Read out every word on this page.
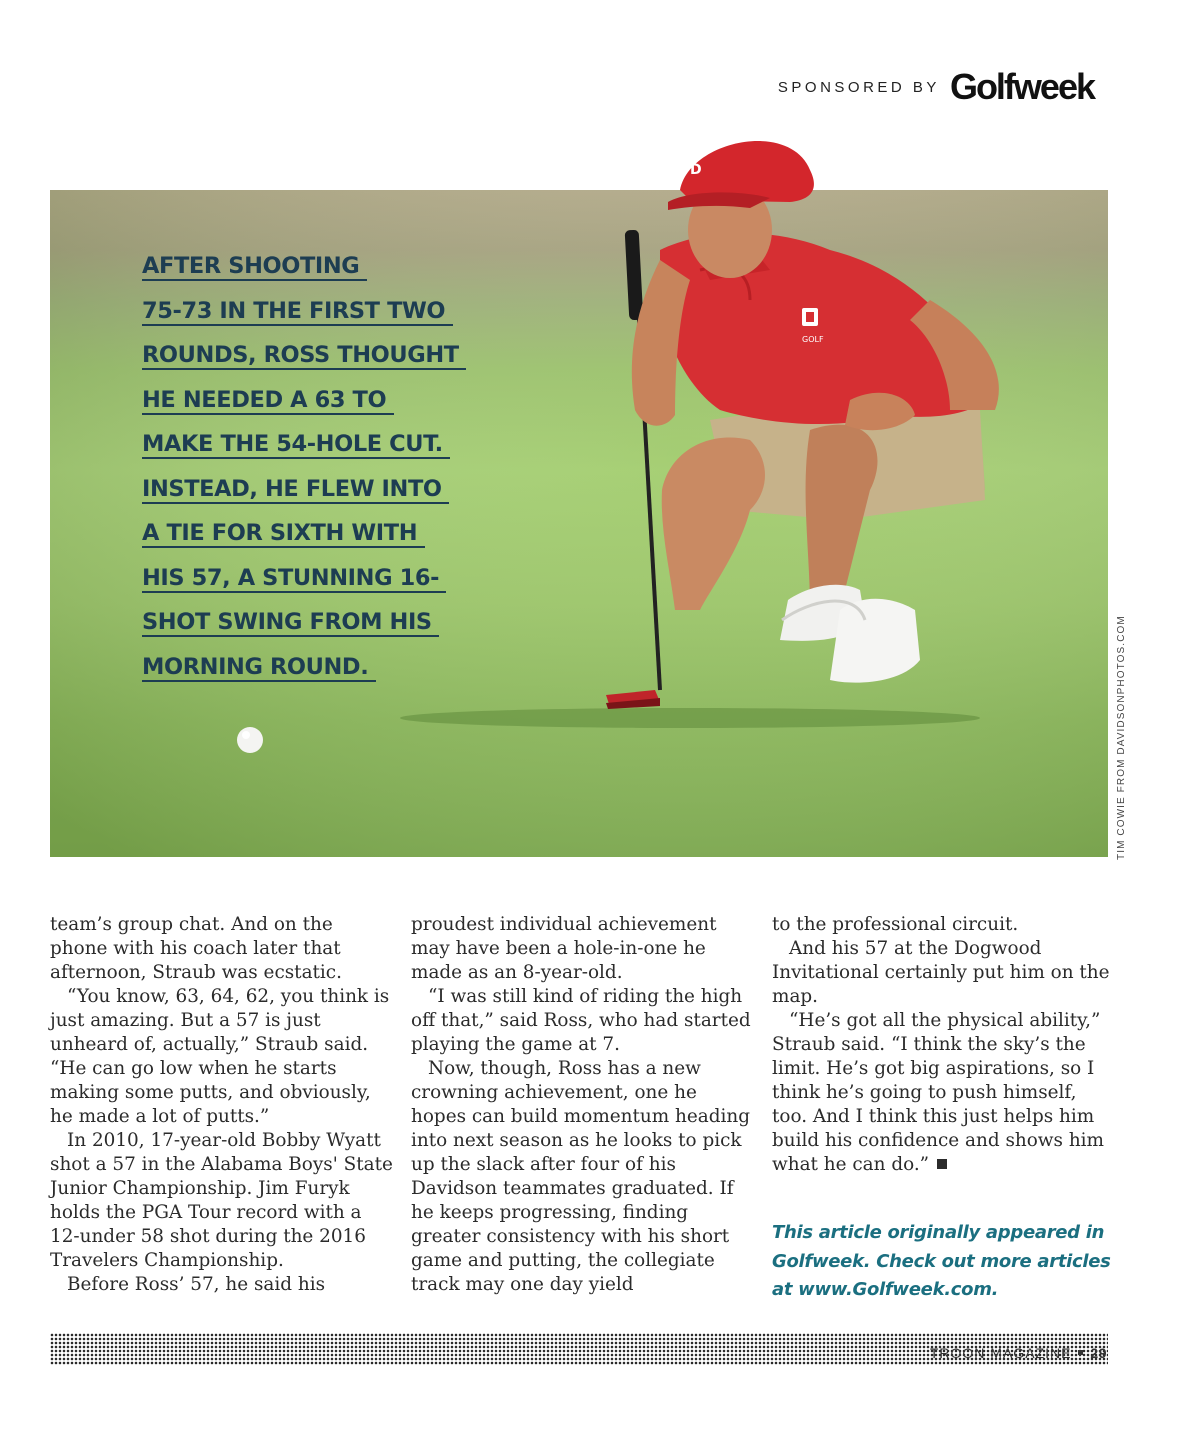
SPONSORED BY Golfweek
GOLF
D
AFTER SHOOTING
75-73 IN THE FIRST TWO
ROUNDS, ROSS THOUGHT
HE NEEDED A 63 TO
MAKE THE 54-HOLE CUT.
INSTEAD, HE FLEW INTO
A TIE FOR SIXTH WITH
HIS 57, A STUNNING 16-
SHOT SWING FROM HIS
MORNING ROUND.	TIM COWIE FROM DAVIDSONPHOTOS.COM

team’s group chat. And on the phone with his coach later that afternoon, Straub was ecstatic.

“You know, 63, 64, 62, you think is just amazing. But a 57 is just unheard of, actually,” Straub said. “He can go low when he starts making some putts, and obviously, he made a lot of putts.”

In 2010, 17-year-old Bobby Wyatt shot a 57 in the Alabama Boys' State Junior Championship. Jim Furyk holds the PGA Tour record with a 12-under 58 shot during the 2016 Travelers Championship.

Before Ross’ 57, he said his

proudest individual achievement may have been a hole-in-one he made as an 8-year-old.

“I was still kind of riding the high off that,” said Ross, who had started playing the game at 7.

Now, though, Ross has a new crowning achievement, one he hopes can build momentum heading into next season as he looks to pick up the slack after four of his Davidson teammates graduated. If he keeps progressing, finding greater consistency with his short game and putting, the collegiate track may one day yield

to the professional circuit.

And his 57 at the Dogwood Invitational certainly put him on the map.

“He’s got all the physical ability,” Straub said. “I think the sky’s the limit. He’s got big aspirations, so I think he’s going to push himself, too. And I think this just helps him build his confidence and shows him what he can do.”

This article originally appeared in Golfweek. Check out more articles at www.Golfweek.com.
TROON MAGAZINE 29
